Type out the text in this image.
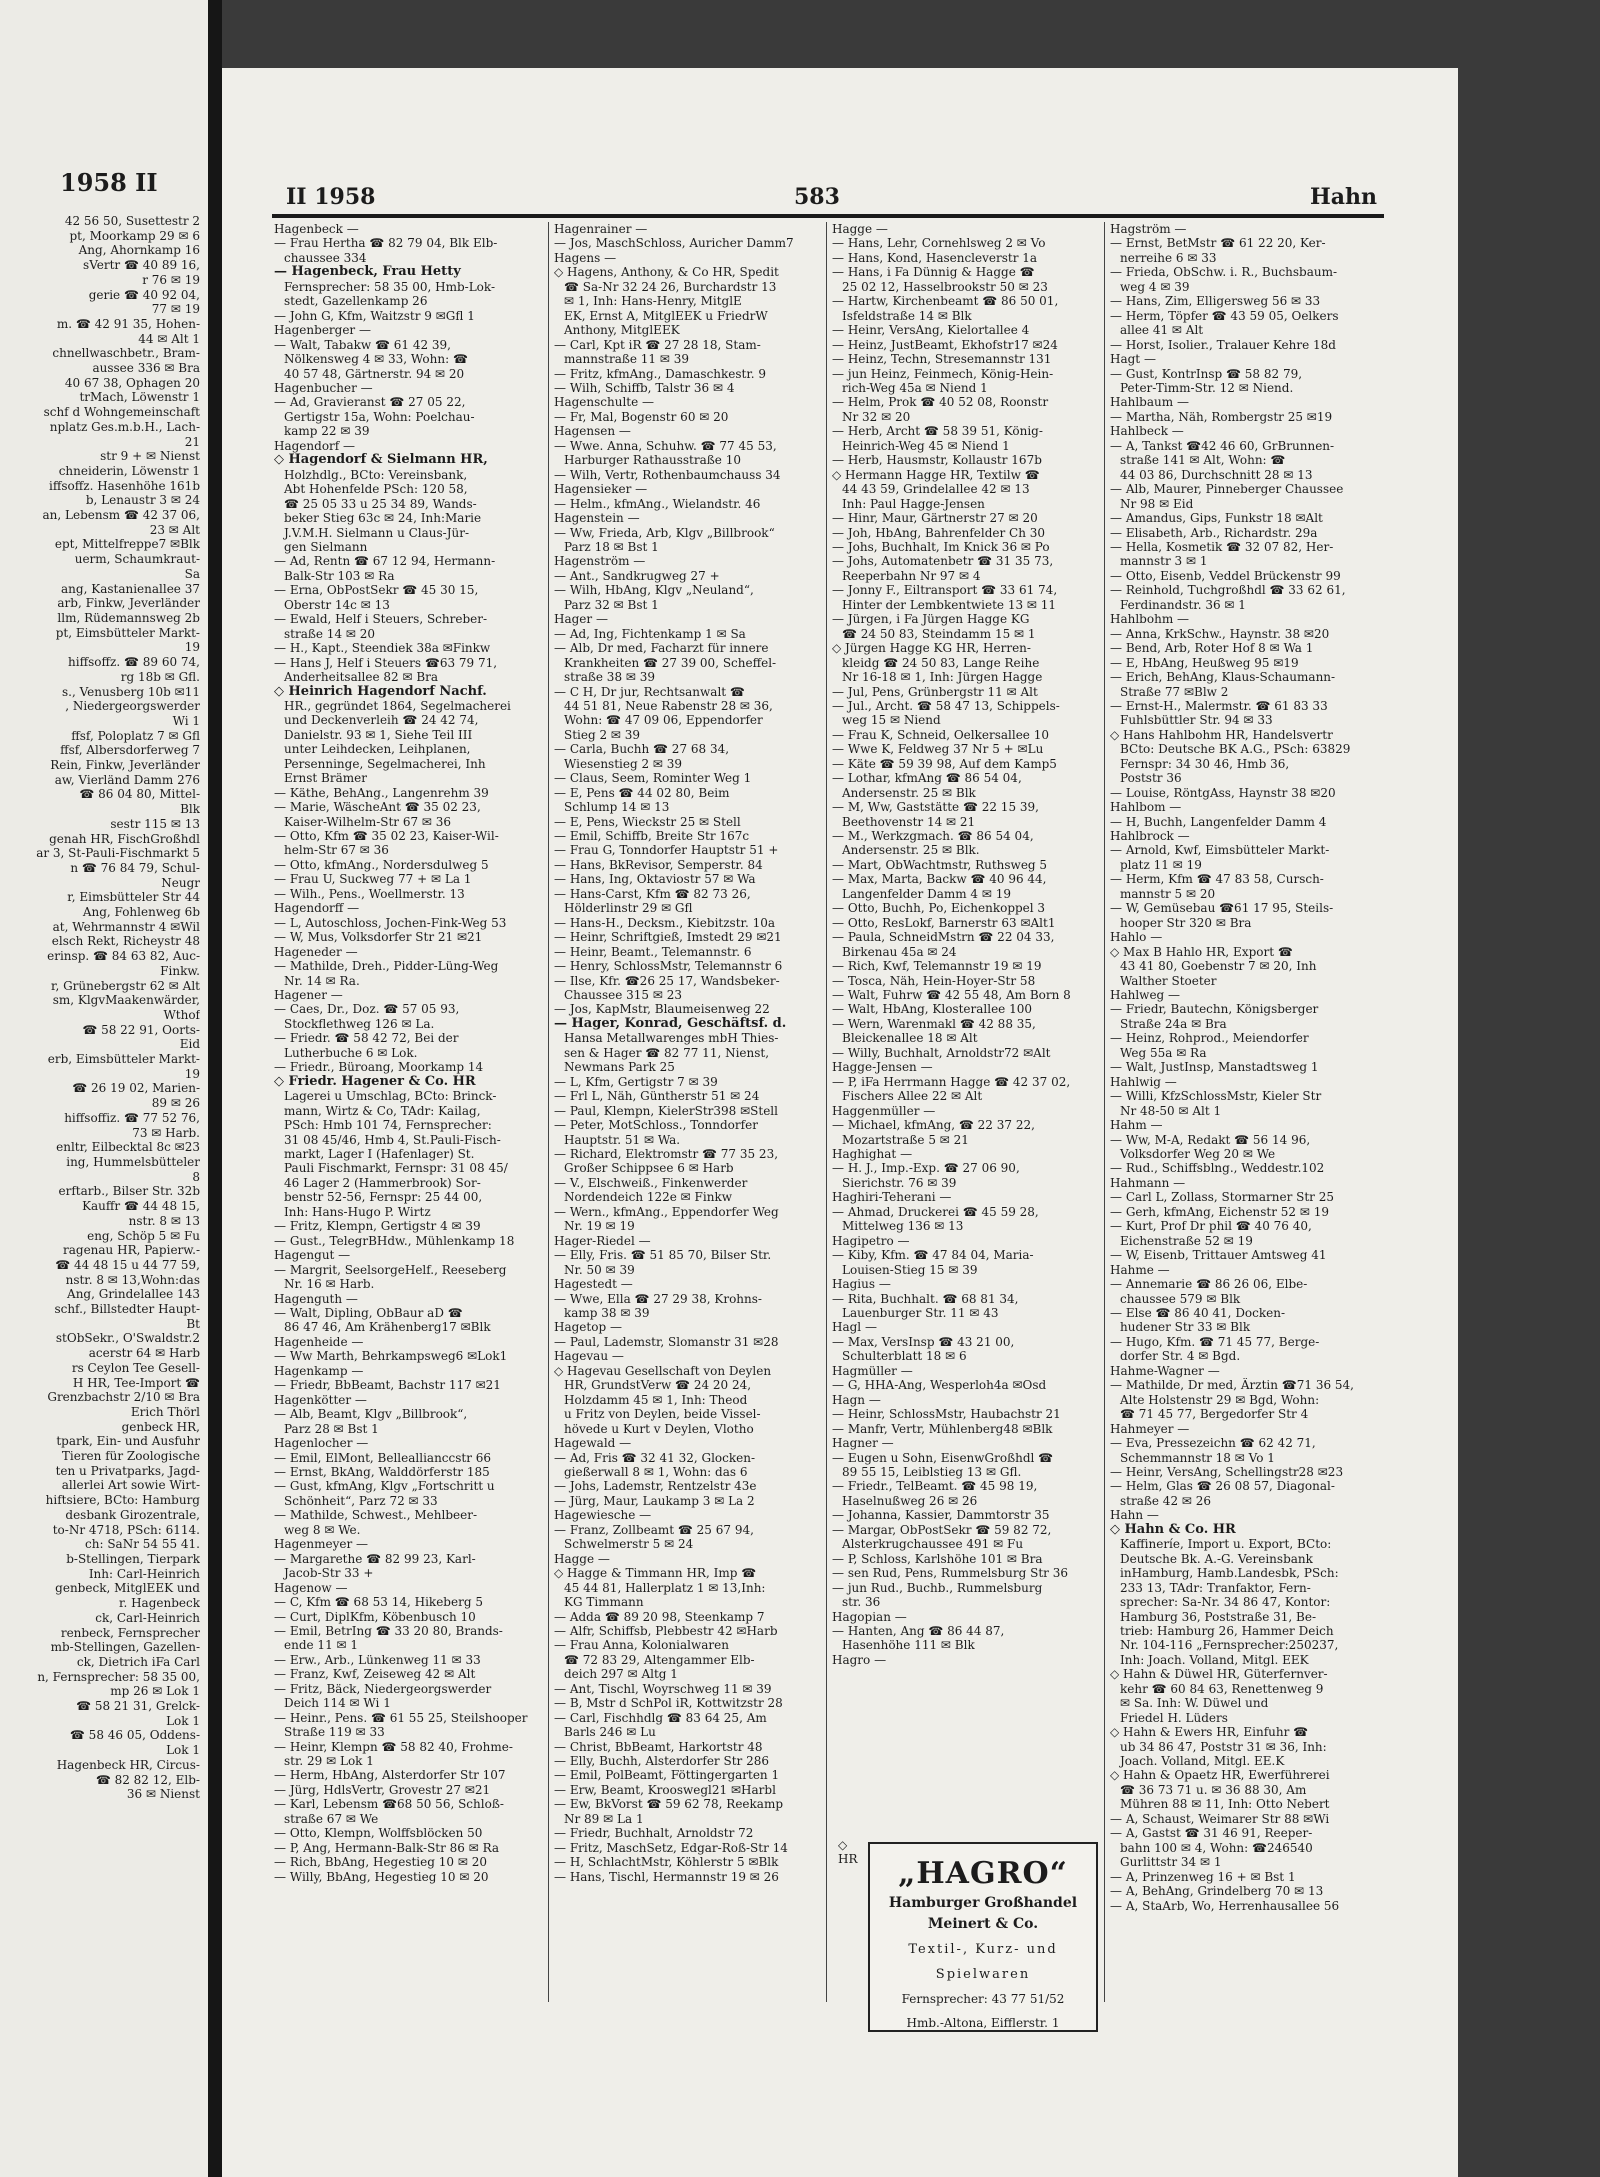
1958 II
42 56 50, Susettestr 2
pt, Moorkamp 29 ✉ 6
Ang, Ahornkamp 16
sVertr ☎ 40 89 16,
r 76 ✉ 19
gerie ☎ 40 92 04,
77 ✉ 19
m. ☎ 42 91 35, Hohen-
44 ✉ Alt 1
chnellwaschbetr., Bram-
aussee 336 ✉ Bra
40 67 38, Ophagen 20
trMach, Löwenstr 1
schf d Wohngemeinschaft
nplatz Ges.m.b.H., Lach-
21
str 9 + ✉ Nienst
chneiderin, Löwenstr 1
iffsoffz. Hasenhöhe 161b
b, Lenaustr 3 ✉ 24
an, Lebensm ☎ 42 37 06,
23 ✉ Alt
ept, Mittelfreppe7 ✉Blk
uerm, Schaumkraut-
Sa
ang, Kastanienallee 37
arb, Finkw, Jeverländer
llm, Rüdemannsweg 2b
pt, Eimsbütteler Markt-
19
hiffsoffz. ☎ 89 60 74,
rg 18b ✉ Gfl.
s., Venusberg 10b ✉11
, Niedergeorgswerder
Wi 1
ffsf, Poloplatz 7 ✉ Gfl
ffsf, Albersdorferweg 7
Rein, Finkw, Jeverländer
aw, Vierländ Damm 276
☎ 86 04 80, Mittel-
Blk
sestr 115 ✉ 13
genah HR, FischGroßhdl
ar 3, St-Pauli-Fischmarkt 5
n ☎ 76 84 79, Schul-
Neugr
r, Eimsbütteler Str 44
Ang, Fohlenweg 6b
at, Wehrmannstr 4 ✉Wil
elsch Rekt, Richeystr 48
erinsp. ☎ 84 63 82, Auc-
Finkw.
r, Grünebergstr 62 ✉ Alt
sm, KlgvMaakenwärder,
Wthof
☎ 58 22 91, Oorts-
Eid
erb, Eimsbütteler Markt-
19
☎ 26 19 02, Marien-
89 ✉ 26
hiffsoffiz. ☎ 77 52 76,
73 ✉ Harb.
enltr, Eilbecktal 8c ✉23
ing, Hummelsbütteler
8
erftarb., Bilser Str. 32b
Kauffr ☎ 44 48 15,
nstr. 8 ✉ 13
eng, Schöp 5 ✉ Fu
ragenau HR, Papierw.-
☎ 44 48 15 u 44 77 59,
nstr. 8 ✉ 13,Wohn:das
Ang, Grindelallee 143
schf., Billstedter Haupt-
Bt
stObSekr., O'Swaldstr.2
acerstr 64 ✉ Harb
rs Ceylon Tee Gesell-
H HR, Tee-Import ☎
Grenzbachstr 2/10 ✉ Bra
Erich Thörl
genbeck HR,
tpark, Ein- und Ausfuhr
Tieren für Zoologische
ten u Privatparks, Jagd-
allerlei Art sowie Wirt-
hiftsiere, BCto: Hamburg
desbank Girozentrale,
to-Nr 4718, PSch: 6114.
ch: SaNr 54 55 41.
b-Stellingen, Tierpark
Inh: Carl-Heinrich
genbeck, MitglEEK und
r. Hagenbeck
ck, Carl-Heinrich
renbeck, Fernsprecher
mb-Stellingen, Gazellen-
ck, Dietrich iFa Carl
n, Fernsprecher: 58 35 00,
mp 26 ✉ Lok 1
☎ 58 21 31, Grelck-
Lok 1
☎ 58 46 05, Oddens-
Lok 1
Hagenbeck HR, Circus-
☎ 82 82 12, Elb-
36 ✉ Nienst
II 1958	583	Hahn
Hagenbeck —
— Frau Hertha ☎ 82 79 04, Blk Elb-
chaussee 334
— Hagenbeck, Frau Hetty
Fernsprecher: 58 35 00, Hmb-Lok-
stedt, Gazellenkamp 26
— John G, Kfm, Waitzstr 9 ✉Gfl 1
Hagenberger —
— Walt, Tabakw ☎ 61 42 39,
Nölkensweg 4 ✉ 33, Wohn: ☎
40 57 48, Gärtnerstr. 94 ✉ 20
Hagenbucher —
— Ad, Gravieranst ☎ 27 05 22,
Gertigstr 15a, Wohn: Poelchau-
kamp 22 ✉ 39
Hagendorf —
◇ Hagendorf & Sielmann HR,
Holzhdlg., BCto: Vereinsbank,
Abt Hohenfelde PSch: 120 58,
☎ 25 05 33 u 25 34 89, Wands-
beker Stieg 63c ✉ 24, Inh:Marie
J.V.M.H. Sielmann u Claus-Jür-
gen Sielmann
— Ad, Rentn ☎ 67 12 94, Hermann-
Balk-Str 103 ✉ Ra
— Erna, ObPostSekr ☎ 45 30 15,
Oberstr 14c ✉ 13
— Ewald, Helf i Steuers, Schreber-
straße 14 ✉ 20
— H., Kapt., Steendiek 38a ✉Finkw
— Hans J, Helf i Steuers ☎63 79 71,
Anderheitsallee 82 ✉ Bra
◇ Heinrich Hagendorf Nachf.
HR., gegründet 1864, Segelmacherei
und Deckenverleih ☎ 24 42 74,
Danielstr. 93 ✉ 1, Siehe Teil III
unter Leihdecken, Leihplanen,
Persenninge, Segelmacherei, Inh
Ernst Brämer
— Käthe, BehAng., Langenrehm 39
— Marie, WäscheAnt ☎ 35 02 23,
Kaiser-Wilhelm-Str 67 ✉ 36
— Otto, Kfm ☎ 35 02 23, Kaiser-Wil-
helm-Str 67 ✉ 36
— Otto, kfmAng., Nordersdulweg 5
— Frau U, Suckweg 77 + ✉ La 1
— Wilh., Pens., Woellmerstr. 13
Hagendorff —
— L, Autoschloss, Jochen-Fink-Weg 53
— W, Mus, Volksdorfer Str 21 ✉21
Hageneder —
— Mathilde, Dreh., Pidder-Lüng-Weg
Nr. 14 ✉ Ra.
Hagener —
— Caes, Dr., Doz. ☎ 57 05 93,
Stockflethweg 126 ✉ La.
— Friedr. ☎ 58 42 72, Bei der
Lutherbuche 6 ✉ Lok.
— Friedr., Büroang, Moorkamp 14
◇ Friedr. Hagener & Co. HR
Lagerei u Umschlag, BCto: Brinck-
mann, Wirtz & Co, TAdr: Kailag,
PSch: Hmb 101 74, Fernsprecher:
31 08 45/46, Hmb 4, St.Pauli-Fisch-
markt, Lager I (Hafenlager) St.
Pauli Fischmarkt, Fernspr: 31 08 45/
46 Lager 2 (Hammerbrook) Sor-
benstr 52-56, Fernspr: 25 44 00,
Inh: Hans-Hugo P. Wirtz
— Fritz, Klempn, Gertigstr 4 ✉ 39
— Gust., TelegrBHdw., Mühlenkamp 18
Hagengut —
— Margrit, SeelsorgeHelf., Reeseberg
Nr. 16 ✉ Harb.
Hagenguth —
— Walt, Dipling, ObBaur aD ☎
86 47 46, Am Krähenberg17 ✉Blk
Hagenheide —
— Ww Marth, Behrkampsweg6 ✉Lok1
Hagenkamp —
— Friedr, BbBeamt, Bachstr 117 ✉21
Hagenkötter —
— Alb, Beamt, Klgv „Billbrook“,
Parz 28 ✉ Bst 1
Hagenlocher —
— Emil, ElMont, Belleallianccstr 66
— Ernst, BkAng, Walddörferstr 185
— Gust, kfmAng, Klgv „Fortschritt u
Schönheit“, Parz 72 ✉ 33
— Mathilde, Schwest., Mehlbeer-
weg 8 ✉ We.
Hagenmeyer —
— Margarethe ☎ 82 99 23, Karl-
Jacob-Str 33 +
Hagenow —
— C, Kfm ☎ 68 53 14, Hikeberg 5
— Curt, DiplKfm, Köbenbusch 10
— Emil, BetrIng ☎ 33 20 80, Brands-
ende 11 ✉ 1
— Erw., Arb., Lünkenweg 11 ✉ 33
— Franz, Kwf, Zeiseweg 42 ✉ Alt
— Fritz, Bäck, Niedergeorgswerder
Deich 114 ✉ Wi 1
— Heinr., Pens. ☎ 61 55 25, Steilshooper
Straße 119 ✉ 33
— Heinr, Klempn ☎ 58 82 40, Frohme-
str. 29 ✉ Lok 1
— Herm, HbAng, Alsterdorfer Str 107
— Jürg, HdlsVertr, Grovestr 27 ✉21
— Karl, Lebensm ☎68 50 56, Schloß-
straße 67 ✉ We
— Otto, Klempn, Wolffsblöcken 50
— P, Ang, Hermann-Balk-Str 86 ✉ Ra
— Rich, BbAng, Hegestieg 10 ✉ 20
— Willy, BbAng, Hegestieg 10 ✉ 20
Hagenrainer —
— Jos, MaschSchloss, Auricher Damm7
Hagens —
◇ Hagens, Anthony, & Co HR, Spedit
☎ Sa-Nr 32 24 26, Burchardstr 13
✉ 1, Inh: Hans-Henry, MitglE
EK, Ernst A, MitglEEK u FriedrW
Anthony, MitglEEK
— Carl, Kpt iR ☎ 27 28 18, Stam-
mannstraße 11 ✉ 39
— Fritz, kfmAng., Damaschkestr. 9
— Wilh, Schiffb, Talstr 36 ✉ 4
Hagenschulte —
— Fr, Mal, Bogenstr 60 ✉ 20
Hagensen —
— Wwe. Anna, Schuhw. ☎ 77 45 53,
Harburger Rathausstraße 10
— Wilh, Vertr, Rothenbaumchauss 34
Hagensieker —
— Helm., kfmAng., Wielandstr. 46
Hagenstein —
— Ww, Frieda, Arb, Klgv „Billbrook“
Parz 18 ✉ Bst 1
Hagenström —
— Ant., Sandkrugweg 27 +
— Wilh, HbAng, Klgv „Neuland“,
Parz 32 ✉ Bst 1
Hager —
— Ad, Ing, Fichtenkamp 1 ✉ Sa
— Alb, Dr med, Facharzt für innere
Krankheiten ☎ 27 39 00, Scheffel-
straße 38 ✉ 39
— C H, Dr jur, Rechtsanwalt ☎
44 51 81, Neue Rabenstr 28 ✉ 36,
Wohn: ☎ 47 09 06, Eppendorfer
Stieg 2 ✉ 39
— Carla, Buchh ☎ 27 68 34,
Wiesenstieg 2 ✉ 39
— Claus, Seem, Rominter Weg 1
— E, Pens ☎ 44 02 80, Beim
Schlump 14 ✉ 13
— E, Pens, Wieckstr 25 ✉ Stell
— Emil, Schiffb, Breite Str 167c
— Frau G, Tonndorfer Hauptstr 51 +
— Hans, BkRevisor, Semperstr. 84
— Hans, Ing, Oktaviostr 57 ✉ Wa
— Hans-Carst, Kfm ☎ 82 73 26,
Hölderlinstr 29 ✉ Gfl
— Hans-H., Decksm., Kiebitzstr. 10a
— Heinr, Schriftgieß, Imstedt 29 ✉21
— Heinr, Beamt., Telemannstr. 6
— Henry, SchlossMstr, Telemannstr 6
— Ilse, Kfr. ☎26 25 17, Wandsbeker-
Chaussee 315 ✉ 23
— Jos, KapMstr, Blaumeisenweg 22
— Hager, Konrad, Geschäftsf. d.
Hansa Metallwarenges mbH Thies-
sen & Hager ☎ 82 77 11, Nienst,
Newmans Park 25
— L, Kfm, Gertigstr 7 ✉ 39
— Frl L, Näh, Güntherstr 51 ✉ 24
— Paul, Klempn, KielerStr398 ✉Stell
— Peter, MotSchloss., Tonndorfer
Hauptstr. 51 ✉ Wa.
— Richard, Elektromstr ☎ 77 35 23,
Großer Schippsee 6 ✉ Harb
— V., Elschweiß., Finkenwerder
Nordendeich 122e ✉ Finkw
— Wern., kfmAng., Eppendorfer Weg
Nr. 19 ✉ 19
Hager-Riedel —
— Elly, Fris. ☎ 51 85 70, Bilser Str.
Nr. 50 ✉ 39
Hagestedt —
— Wwe, Ella ☎ 27 29 38, Krohns-
kamp 38 ✉ 39
Hagetop —
— Paul, Lademstr, Slomanstr 31 ✉28
Hagevau —
◇ Hagevau Gesellschaft von Deylen
HR, GrundstVerw ☎ 24 20 24,
Holzdamm 45 ✉ 1, Inh: Theod
u Fritz von Deylen, beide Vissel-
hövede u Kurt v Deylen, Vlotho
Hagewald —
— Ad, Fris ☎ 32 41 32, Glocken-
gießerwall 8 ✉ 1, Wohn: das 6
— Johs, Lademstr, Rentzelstr 43e
— Jürg, Maur, Laukamp 3 ✉ La 2
Hagewiesche —
— Franz, Zollbeamt ☎ 25 67 94,
Schwelmerstr 5 ✉ 24
Hagge —
◇ Hagge & Timmann HR, Imp ☎
45 44 81, Hallerplatz 1 ✉ 13,Inh:
KG Timmann
— Adda ☎ 89 20 98, Steenkamp 7
— Alfr, Schiffsb, Plebbestr 42 ✉Harb
— Frau Anna, Kolonialwaren
☎ 72 83 29, Altengammer Elb-
deich 297 ✉ Altg 1
— Ant, Tischl, Woyrschweg 11 ✉ 39
— B, Mstr d SchPol iR, Kottwitzstr 28
— Carl, Fischhdlg ☎ 83 64 25, Am
Barls 246 ✉ Lu
— Christ, BbBeamt, Harkortstr 48
— Elly, Buchh, Alsterdorfer Str 286
— Emil, PolBeamt, Föttingergarten 1
— Erw, Beamt, Krooswegl21 ✉Harbl
— Ew, BkVorst ☎ 59 62 78, Reekamp
Nr 89 ✉ La 1
— Friedr, Buchhalt, Arnoldstr 72
— Fritz, MaschSetz, Edgar-Roß-Str 14
— H, SchlachtMstr, Köhlerstr 5 ✉Blk
— Hans, Tischl, Hermannstr 19 ✉ 26
Hagge —
— Hans, Lehr, Cornehlsweg 2 ✉ Vo
— Hans, Kond, Hasencleverstr 1a
— Hans, i Fa Dünnig & Hagge ☎
25 02 12, Hasselbrookstr 50 ✉ 23
— Hartw, Kirchenbeamt ☎ 86 50 01,
Isfeldstraße 14 ✉ Blk
— Heinr, VersAng, Kielortallee 4
— Heinz, JustBeamt, Ekhofstr17 ✉24
— Heinz, Techn, Stresemannstr 131
— jun Heinz, Feinmech, König-Hein-
rich-Weg 45a ✉ Niend 1
— Helm, Prok ☎ 40 52 08, Roonstr
Nr 32 ✉ 20
— Herb, Archt ☎ 58 39 51, König-
Heinrich-Weg 45 ✉ Niend 1
— Herb, Hausmstr, Kollaustr 167b
◇ Hermann Hagge HR, Textilw ☎
44 43 59, Grindelallee 42 ✉ 13
Inh: Paul Hagge-Jensen
— Hinr, Maur, Gärtnerstr 27 ✉ 20
— Joh, HbAng, Bahrenfelder Ch 30
— Johs, Buchhalt, Im Knick 36 ✉ Po
— Johs, Automatenbetr ☎ 31 35 73,
Reeperbahn Nr 97 ✉ 4
— Jonny F., Eiltransport ☎ 33 61 74,
Hinter der Lembkentwiete 13 ✉ 11
— Jürgen, i Fa Jürgen Hagge KG
☎ 24 50 83, Steindamm 15 ✉ 1
◇ Jürgen Hagge KG HR, Herren-
kleidg ☎ 24 50 83, Lange Reihe
Nr 16-18 ✉ 1, Inh: Jürgen Hagge
— Jul, Pens, Grünbergstr 11 ✉ Alt
— Jul., Archt. ☎ 58 47 13, Schippels-
weg 15 ✉ Niend
— Frau K, Schneid, Oelkersallee 10
— Wwe K, Feldweg 37 Nr 5 + ✉Lu
— Käte ☎ 59 39 98, Auf dem Kamp5
— Lothar, kfmAng ☎ 86 54 04,
Andersenstr. 25 ✉ Blk
— M, Ww, Gaststätte ☎ 22 15 39,
Beethovenstr 14 ✉ 21
— M., Werkzgmach. ☎ 86 54 04,
Andersenstr. 25 ✉ Blk.
— Mart, ObWachtmstr, Ruthsweg 5
— Max, Marta, Backw ☎ 40 96 44,
Langenfelder Damm 4 ✉ 19
— Otto, Buchh, Po, Eichenkoppel 3
— Otto, ResLokf, Barnerstr 63 ✉Alt1
— Paula, SchneidMstrn ☎ 22 04 33,
Birkenau 45a ✉ 24
— Rich, Kwf, Telemannstr 19 ✉ 19
— Tosca, Näh, Hein-Hoyer-Str 58
— Walt, Fuhrw ☎ 42 55 48, Am Born 8
— Walt, HbAng, Klosterallee 100
— Wern, Warenmakl ☎ 42 88 35,
Bleickenallee 18 ✉ Alt
— Willy, Buchhalt, Arnoldstr72 ✉Alt
Hagge-Jensen —
— P, iFa Herrmann Hagge ☎ 42 37 02,
Fischers Allee 22 ✉ Alt
Haggenmüller —
— Michael, kfmAng, ☎ 22 37 22,
Mozartstraße 5 ✉ 21
Haghighat —
— H. J., Imp.-Exp. ☎ 27 06 90,
Sierichstr. 76 ✉ 39
Haghiri-Teherani —
— Ahmad, Druckerei ☎ 45 59 28,
Mittelweg 136 ✉ 13
Hagipetro —
— Kiby, Kfm. ☎ 47 84 04, Maria-
Louisen-Stieg 15 ✉ 39
Hagius —
— Rita, Buchhalt. ☎ 68 81 34,
Lauenburger Str. 11 ✉ 43
Hagl —
— Max, VersInsp ☎ 43 21 00,
Schulterblatt 18 ✉ 6
Hagmüller —
— G, HHA-Ang, Wesperloh4a ✉Osd
Hagn —
— Heinr, SchlossMstr, Haubachstr 21
— Manfr, Vertr, Mühlenberg48 ✉Blk
Hagner —
— Eugen u Sohn, EisenwGroßhdl ☎
89 55 15, Leiblstieg 13 ✉ Gfl.
— Friedr., TelBeamt. ☎ 45 98 19,
Haselnußweg 26 ✉ 26
— Johanna, Kassier, Dammtorstr 35
— Margar, ObPostSekr ☎ 59 82 72,
Alsterkrugchaussee 491 ✉ Fu
— P, Schloss, Karlshöhe 101 ✉ Bra
— sen Rud, Pens, Rummelsburg Str 36
— jun Rud., Buchb., Rummelsburg
str. 36
Hagopian —
— Hanten, Ang ☎ 86 44 87,
Hasenhöhe 111 ✉ Blk
Hagro —
Hagström —
— Ernst, BetMstr ☎ 61 22 20, Ker-
nerreihe 6 ✉ 33
— Frieda, ObSchw. i. R., Buchsbaum-
weg 4 ✉ 39
— Hans, Zim, Elligersweg 56 ✉ 33
— Herm, Töpfer ☎ 43 59 05, Oelkers
allee 41 ✉ Alt
— Horst, Isolier., Tralauer Kehre 18d
Hagt —
— Gust, KontrInsp ☎ 58 82 79,
Peter-Timm-Str. 12 ✉ Niend.
Hahlbaum —
— Martha, Näh, Rombergstr 25 ✉19
Hahlbeck —
— A, Tankst ☎42 46 60, GrBrunnen-
straße 141 ✉ Alt, Wohn: ☎
44 03 86, Durchschnitt 28 ✉ 13
— Alb, Maurer, Pinneberger Chaussee
Nr 98 ✉ Eid
— Amandus, Gips, Funkstr 18 ✉Alt
— Elisabeth, Arb., Richardstr. 29a
— Hella, Kosmetik ☎ 32 07 82, Her-
mannstr 3 ✉ 1
— Otto, Eisenb, Veddel Brückenstr 99
— Reinhold, Tuchgroßhdl ☎ 33 62 61,
Ferdinandstr. 36 ✉ 1
Hahlbohm —
— Anna, KrkSchw., Haynstr. 38 ✉20
— Bend, Arb, Roter Hof 8 ✉ Wa 1
— E, HbAng, Heußweg 95 ✉19
— Erich, BehAng, Klaus-Schaumann-
Straße 77 ✉Blw 2
— Ernst-H., Malermstr. ☎ 61 83 33
Fuhlsbüttler Str. 94 ✉ 33
◇ Hans Hahlbohm HR, Handelsvertr
BCto: Deutsche BK A.G., PSch: 63829
Fernspr: 34 30 46, Hmb 36,
Poststr 36
— Louise, RöntgAss, Haynstr 38 ✉20
Hahlbom —
— H, Buchh, Langenfelder Damm 4
Hahlbrock —
— Arnold, Kwf, Eimsbütteler Markt-
platz 11 ✉ 19
— Herm, Kfm ☎ 47 83 58, Cursch-
mannstr 5 ✉ 20
— W, Gemüsebau ☎61 17 95, Steils-
hooper Str 320 ✉ Bra
Hahlo —
◇ Max B Hahlo HR, Export ☎
43 41 80, Goebenstr 7 ✉ 20, Inh
Walther Stoeter
Hahlweg —
— Friedr, Bautechn, Königsberger
Straße 24a ✉ Bra
— Heinz, Rohprod., Meiendorfer
Weg 55a ✉ Ra
— Walt, JustInsp, Manstadtsweg 1
Hahlwig —
— Willi, KfzSchlossMstr, Kieler Str
Nr 48-50 ✉ Alt 1
Hahm —
— Ww, M-A, Redakt ☎ 56 14 96,
Volksdorfer Weg 20 ✉ We
— Rud., Schiffsblng., Weddestr.102
Hahmann —
— Carl L, Zollass, Stormarner Str 25
— Gerh, kfmAng, Eichenstr 52 ✉ 19
— Kurt, Prof Dr phil ☎ 40 76 40,
Eichenstraße 52 ✉ 19
— W, Eisenb, Trittauer Amtsweg 41
Hahme —
— Annemarie ☎ 86 26 06, Elbe-
chaussee 579 ✉ Blk
— Else ☎ 86 40 41, Docken-
hudener Str 33 ✉ Blk
— Hugo, Kfm. ☎ 71 45 77, Berge-
dorfer Str. 4 ✉ Bgd.
Hahme-Wagner —
— Mathilde, Dr med, Ärztin ☎71 36 54,
Alte Holstenstr 29 ✉ Bgd, Wohn:
☎ 71 45 77, Bergedorfer Str 4
Hahmeyer —
— Eva, Pressezeichn ☎ 62 42 71,
Schemmannstr 18 ✉ Vo 1
— Heinr, VersAng, Schellingstr28 ✉23
— Helm, Glas ☎ 26 08 57, Diagonal-
straße 42 ✉ 26
Hahn —
◇ Hahn & Co. HR
Kaffineríe, Import u. Export, BCto:
Deutsche Bk. A.-G. Vereinsbank
inHamburg, Hamb.Landesbk, PSch:
233 13, TAdr: Tranfaktor, Fern-
sprecher: Sa-Nr. 34 86 47, Kontor:
Hamburg 36, Poststraße 31, Be-
trieb: Hamburg 26, Hammer Deich
Nr. 104-116 „Fernsprecher:250237,
Inh: Joach. Volland, Mitgl. EEK
◇ Hahn & Düwel HR, Güterfernver-
kehr ☎ 60 84 63, Renettenweg 9
✉ Sa. Inh: W. Düwel und
Friedel H. Lüders
◇ Hahn & Ewers HR, Einfuhr ☎
ub 34 86 47, Poststr 31 ✉ 36, Inh:
Joach. Volland, Mitgl. EE.K
◇ Hahn & Opaetz HR, Ewerführerei
☎ 36 73 71 u. ✉ 36 88 30, Am
Mühren 88 ✉ 11, Inh: Otto Nebert
— A, Schaust, Weimarer Str 88 ✉Wi
— A, Gastst ☎ 31 46 91, Reeper-
bahn 100 ✉ 4, Wohn: ☎246540
Gurlittstr 34 ✉ 1
— A, Prinzenweg 16 + ✉ Bst 1
— A, BehAng, Grindelberg 70 ✉ 13
— A, StaArb, Wo, Herrenhausallee 56
◇
HR	„HAGRO“
Hamburger Großhandel
Meinert & Co.
Textil-, Kurz- und
Spielwaren
Fernsprecher: 43 77 51/52
Hmb.-Altona, Eifflerstr. 1
